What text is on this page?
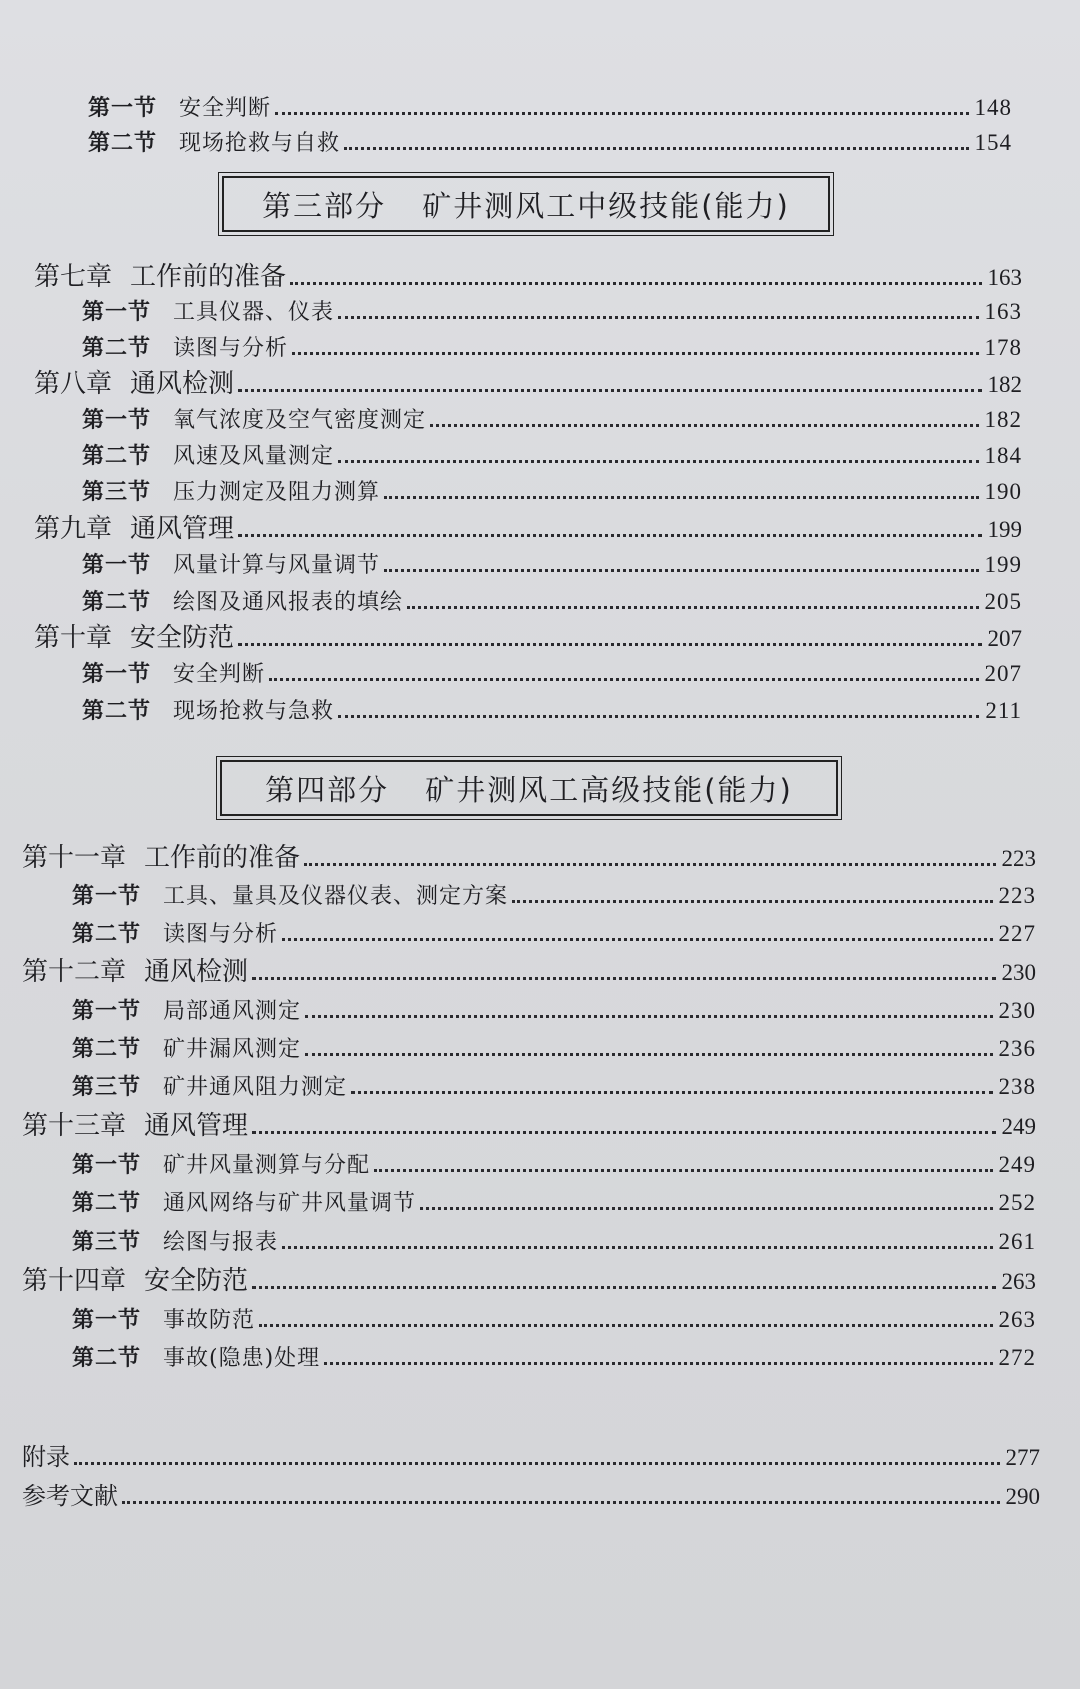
第一节 安全判断	148
第二节 现场抢救与自救	154
第三部分 矿井测风工中级技能(能力)
第七章 工作前的准备	163
第一节 工具仪器、仪表	163
第二节 读图与分析	178
第八章 通风检测	182
第一节 氧气浓度及空气密度测定	182
第二节 风速及风量测定	184
第三节 压力测定及阻力测算	190
第九章 通风管理	199
第一节 风量计算与风量调节	199
第二节 绘图及通风报表的填绘	205
第十章 安全防范	207
第一节 安全判断	207
第二节 现场抢救与急救	211
第四部分 矿井测风工高级技能(能力)
第十一章 工作前的准备	223
第一节 工具、量具及仪器仪表、测定方案	223
第二节 读图与分析	227
第十二章 通风检测	230
第一节 局部通风测定	230
第二节 矿井漏风测定	236
第三节 矿井通风阻力测定	238
第十三章 通风管理	249
第一节 矿井风量测算与分配	249
第二节 通风网络与矿井风量调节	252
第三节 绘图与报表	261
第十四章 安全防范	263
第一节 事故防范	263
第二节 事故(隐患)处理	272
附录	277
参考文献	290
